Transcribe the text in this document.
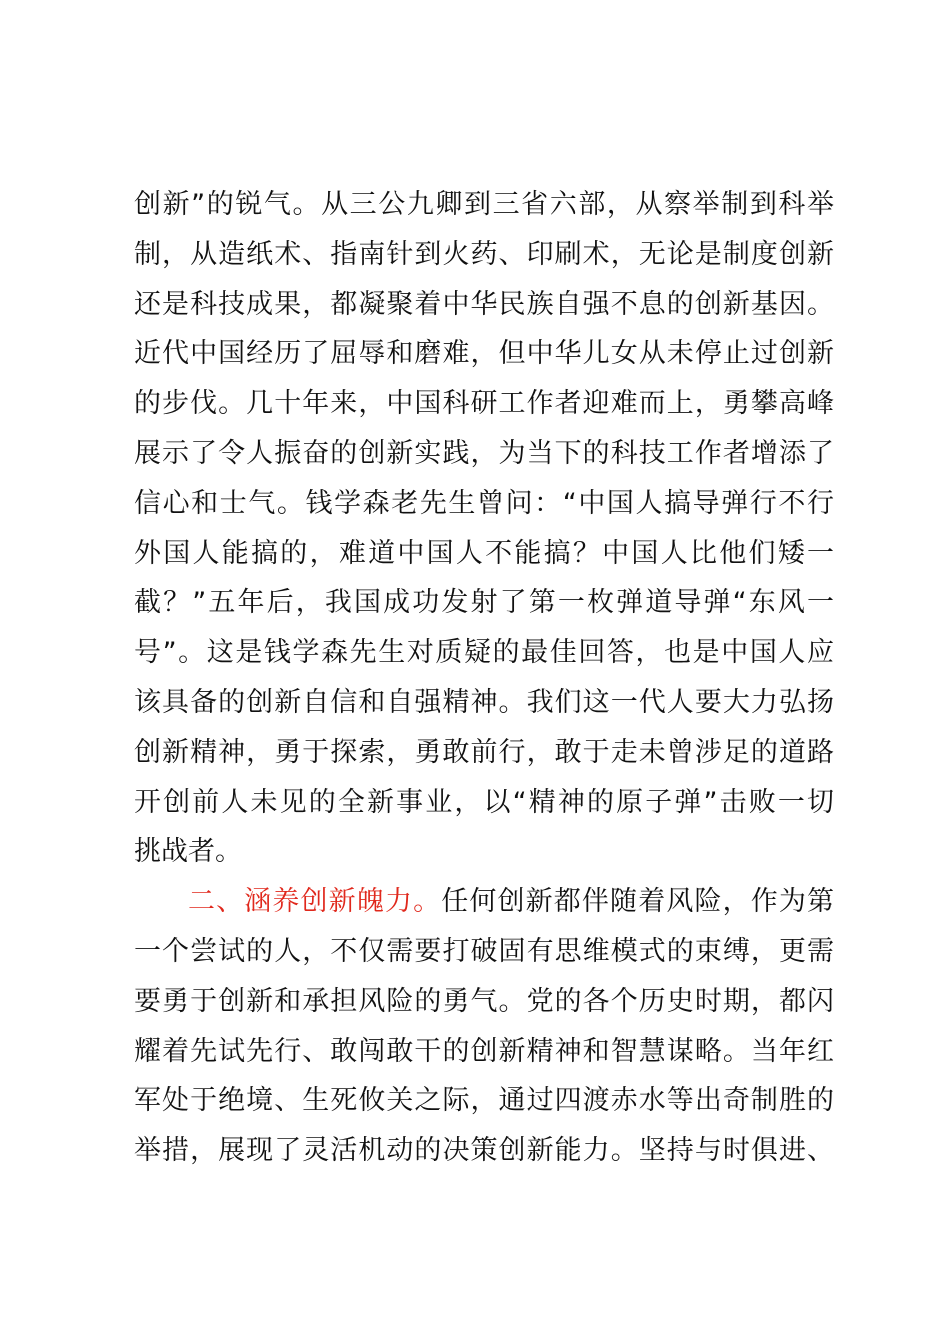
创新”的锐气。从三公九卿到三省六部，从察举制到科举
制，从造纸术、指南针到火药、印刷术，无论是制度创新
还是科技成果，都凝聚着中华民族自强不息的创新基因。
近代中国经历了屈辱和磨难，但中华儿女从未停止过创新
的步伐。几十年来，中国科研工作者迎难而上，勇攀高峰
展示了令人振奋的创新实践，为当下的科技工作者增添了
信心和士气。钱学森老先生曾问：“中国人搞导弹行不行
外国人能搞的，难道中国人不能搞？中国人比他们矮一
截？”五年后，我国成功发射了第一枚弹道导弹“东风一
号”。这是钱学森先生对质疑的最佳回答，也是中国人应
该具备的创新自信和自强精神。我们这一代人要大力弘扬
创新精神，勇于探索，勇敢前行，敢于走未曾涉足的道路
开创前人未见的全新事业，以“精神的原子弹”击败一切
挑战者。
二、涵养创新魄力。任何创新都伴随着风险，作为第
一个尝试的人，不仅需要打破固有思维模式的束缚，更需
要勇于创新和承担风险的勇气。党的各个历史时期，都闪
耀着先试先行、敢闯敢干的创新精神和智慧谋略。当年红
军处于绝境、生死攸关之际，通过四渡赤水等出奇制胜的
举措，展现了灵活机动的决策创新能力。坚持与时俱进、
